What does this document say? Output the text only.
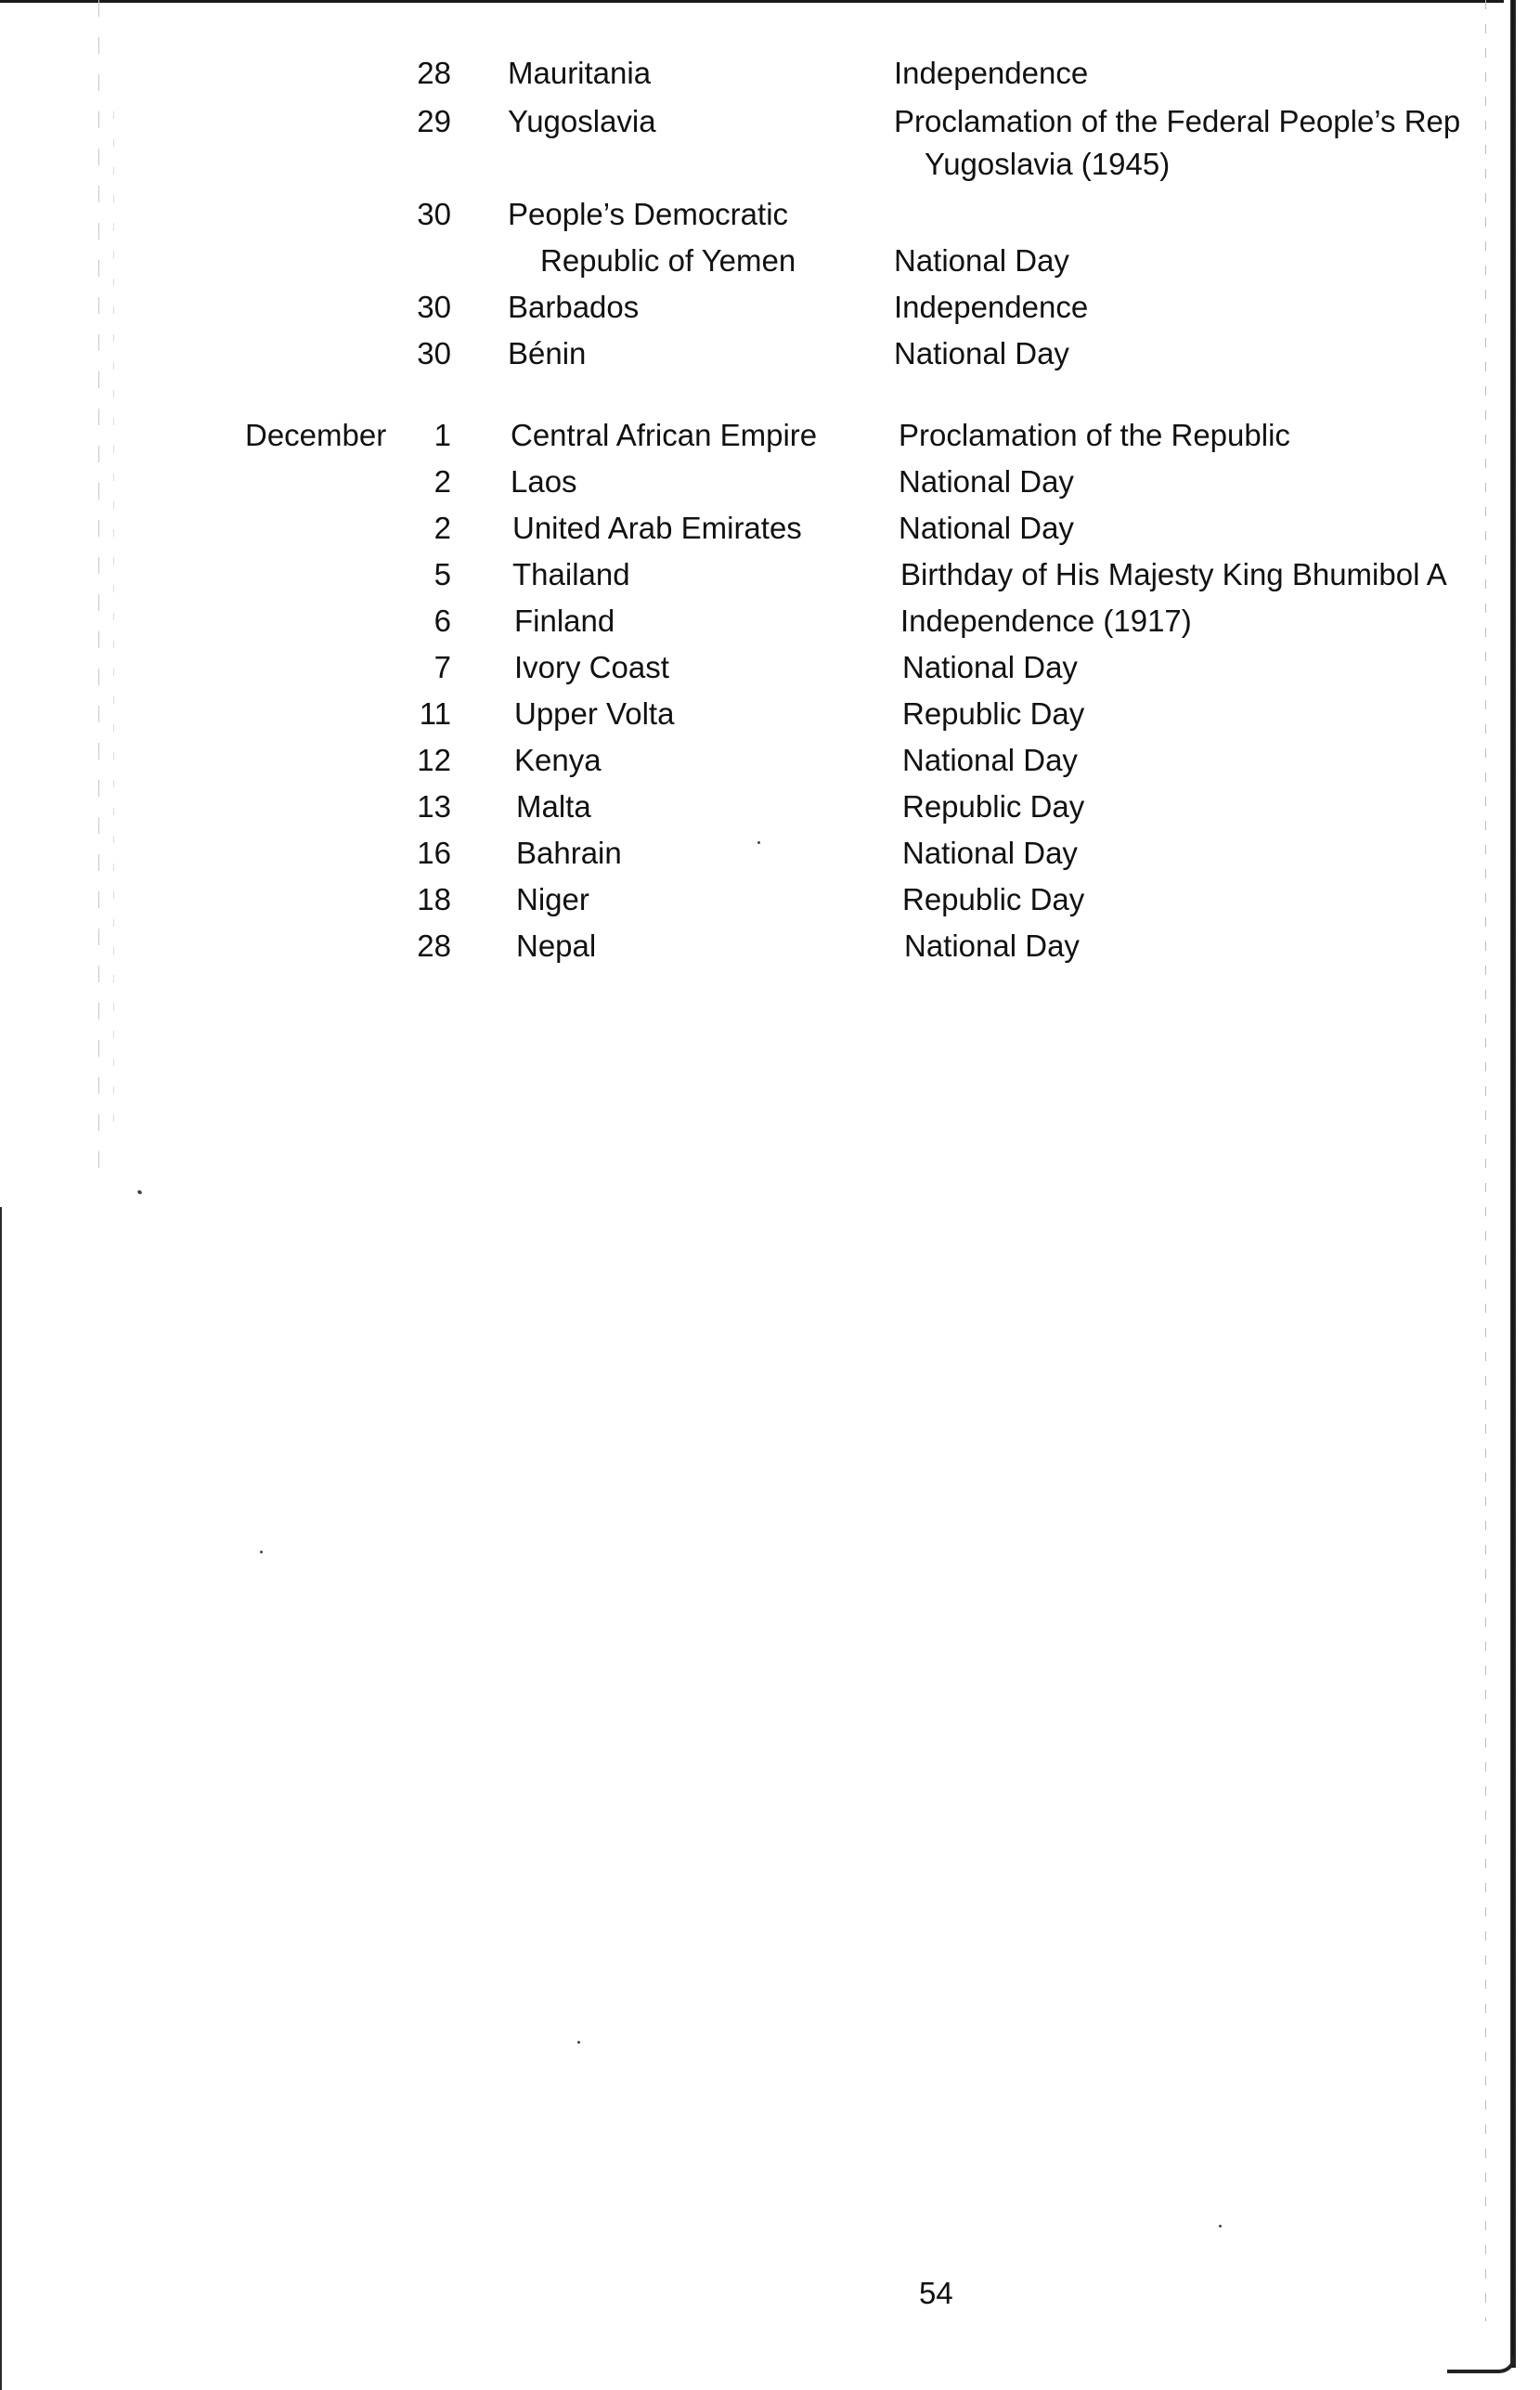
28 Mauritania	Independence
29 Yugoslavia	Proclamation of the Federal People’s Rep
Yugoslavia (1945)
30 People’s Democratic
Republic of Yemen	National Day
30 Barbados	Independence
30 Bénin	National Day
December	1 Central African Empire	Proclamation of the Republic
2 Laos	National Day
2 United Arab Emirates	National Day
5 Thailand	Birthday of His Majesty King Bhumibol A
6 Finland	Independence (1917)
7 Ivory Coast	National Day
11 Upper Volta	Republic Day
12 Kenya	National Day
13 Malta	Republic Day
16 Bahrain	National Day
18 Niger	Republic Day
28 Nepal	National Day
54
